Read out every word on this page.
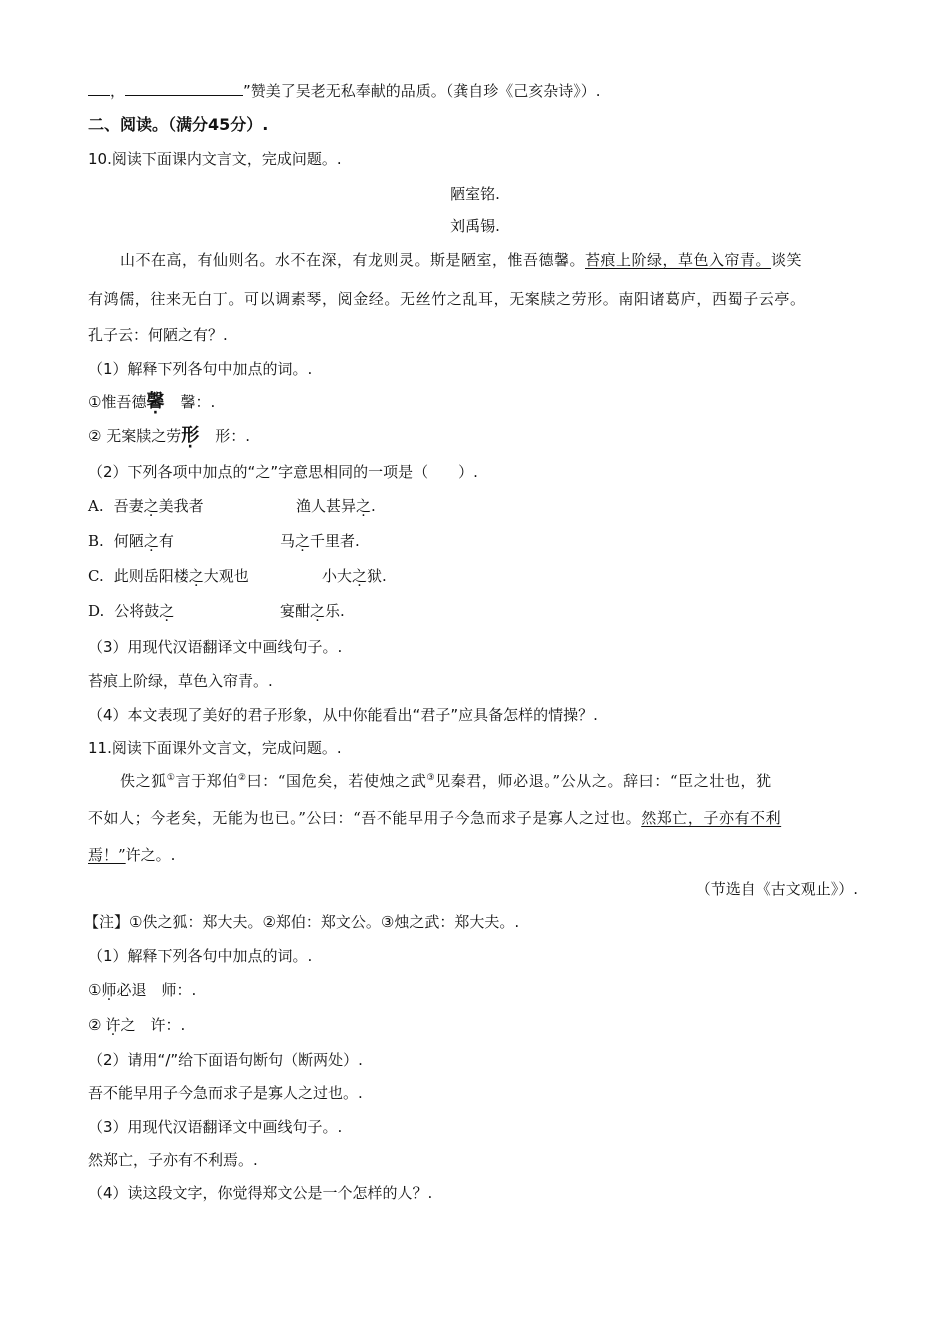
，	”赞美了吴老无私奉献的品质。（龚自珍《己亥杂诗》）.
二、阅读。（满分45分）.
10.阅读下面课内文言文，完成问题。.
陋室铭.
刘禹锡.
山不在高，有仙则名。水不在深，有龙则灵。斯是陋室，惟吾德馨。苔痕上阶绿，草色入帘青。谈笑
有鸿儒，往来无白丁。可以调素琴，阅金经。无丝竹之乱耳，无案牍之劳形。南阳诸葛庐，西蜀子云亭。
孔子云：何陋之有？.
（1）解释下列各句中加点的词。.
①惟吾德馨 馨：.
② 无案牍之劳形 形：.
（2）下列各项中加点的“之”字意思相同的一项是（　　）.
A. 吾妻之美我者	渔人甚异之.
B. 何陋之有	马之千里者.
C. 此则岳阳楼之大观也	小大之狱.
D. 公将鼓之	宴酣之乐.
（3）用现代汉语翻译文中画线句子。.
苔痕上阶绿，草色入帘青。.
（4）本文表现了美好的君子形象，从中你能看出“君子”应具备怎样的情操？.
11.阅读下面课外文言文，完成问题。.
佚之狐①言于郑伯②曰：“国危矣，若使烛之武③见秦君，师必退。”公从之。辞曰：“臣之壮也，犹
不如人；今老矣，无能为也已。”公曰：“吾不能早用子今急而求子是寡人之过也。然郑亡，子亦有不利
焉！”许之。.
（节选自《古文观止》）.
【注】①佚之狐：郑大夫。②郑伯：郑文公。③烛之武：郑大夫。.
（1）解释下列各句中加点的词。.
①师必退　师：.
② 许之　许：.
（2）请用“/”给下面语句断句（断两处）.
吾不能早用子今急而求子是寡人之过也。.
（3）用现代汉语翻译文中画线句子。.
然郑亡，子亦有不利焉。.
（4）读这段文字，你觉得郑文公是一个怎样的人？.
